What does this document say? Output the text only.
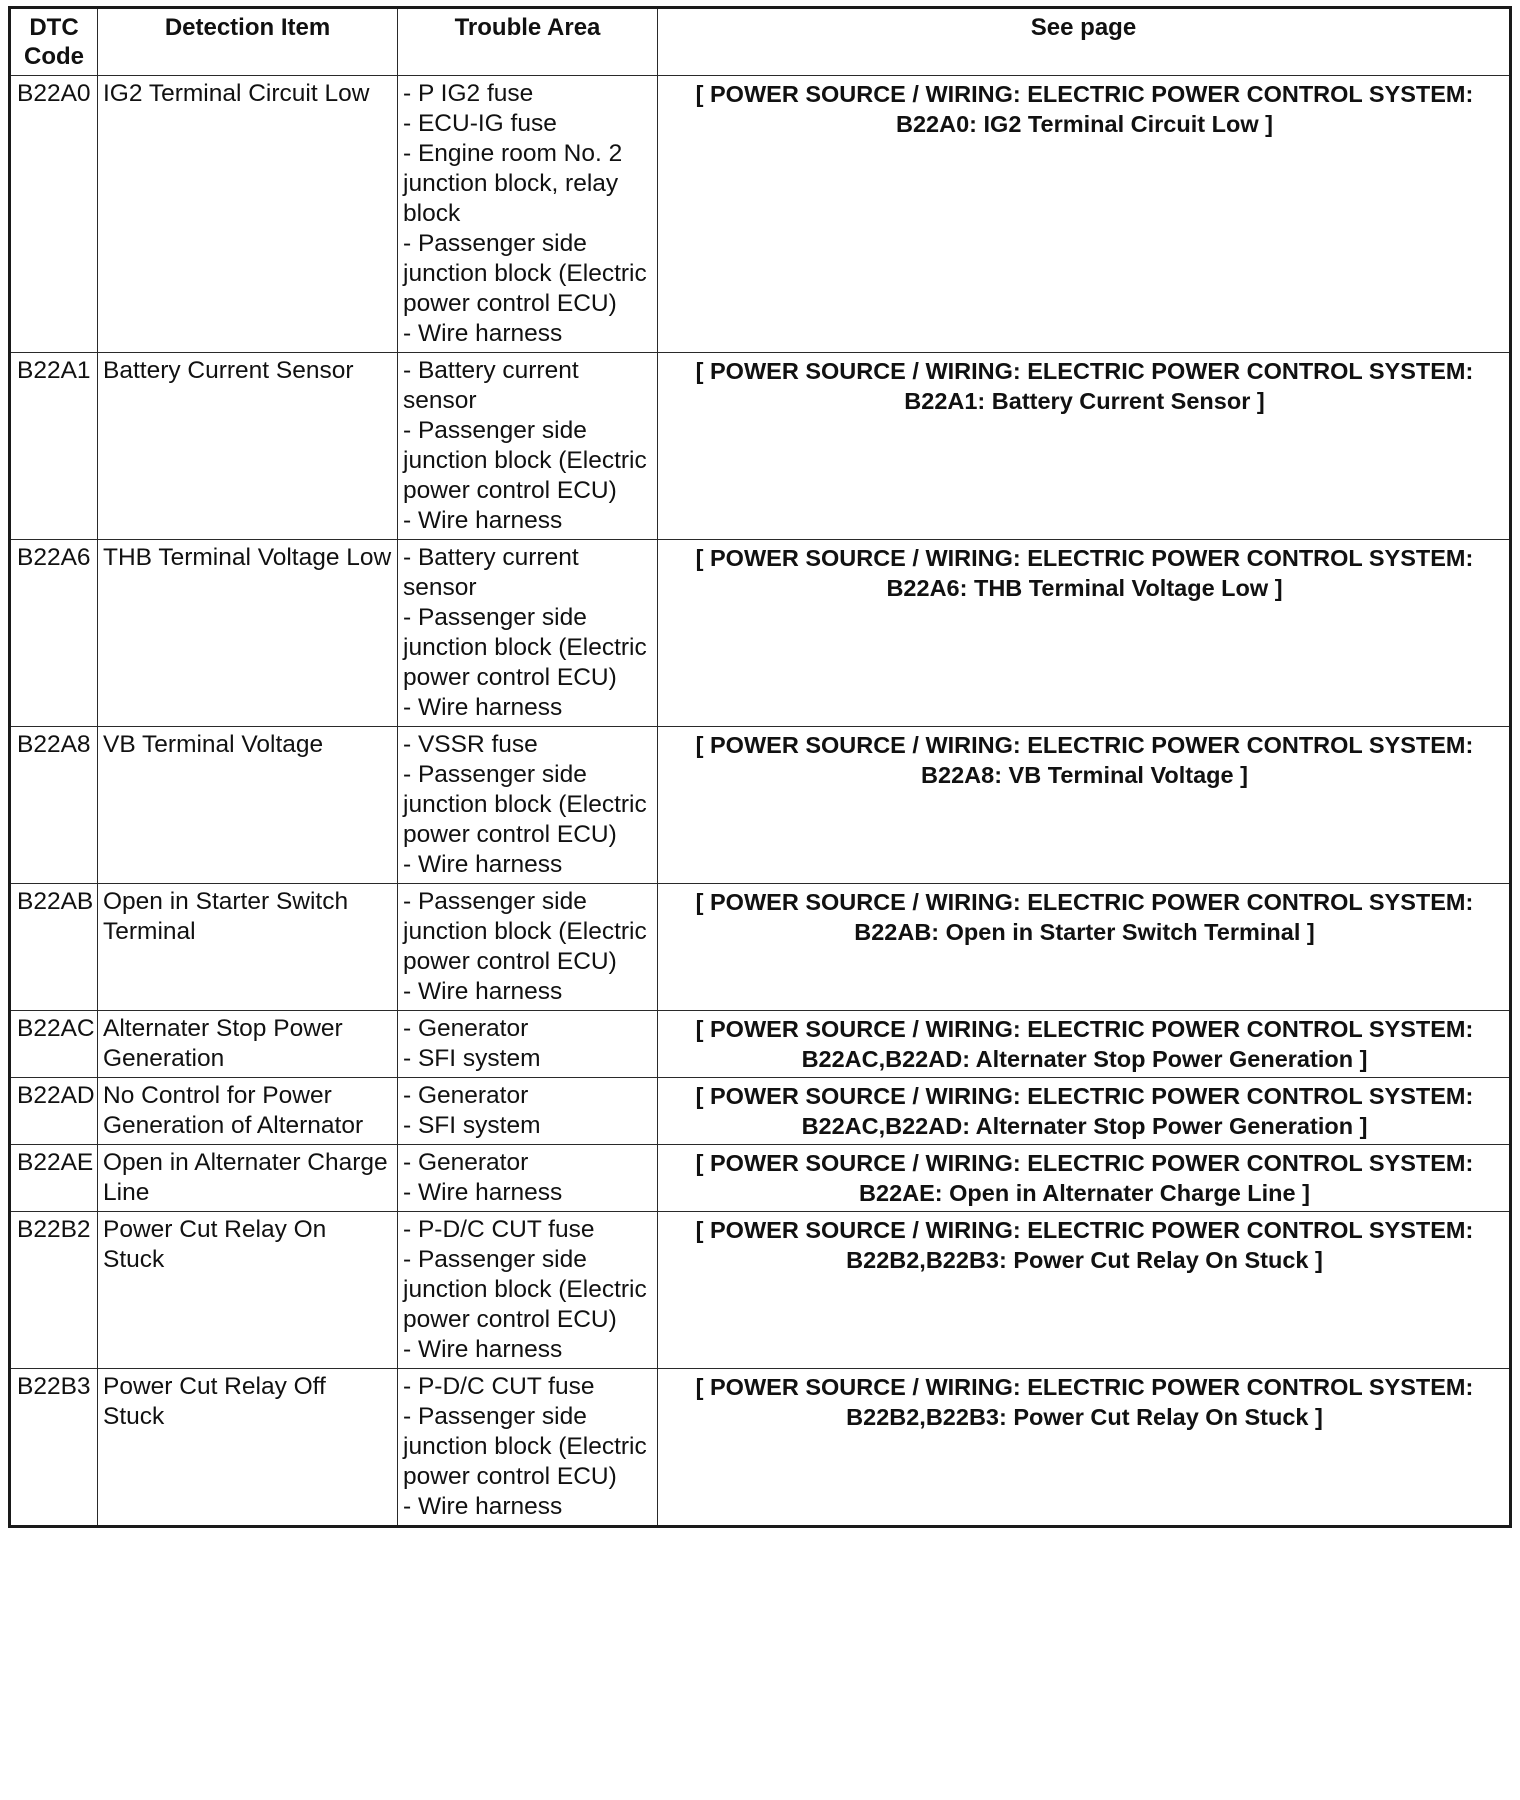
DTC Code	Detection Item	Trouble Area	See page
B22A0	IG2 Terminal Circuit Low	- P IG2 fuse
- ECU-IG fuse
- Engine room No. 2 junction block, relay block
- Passenger side junction block (Electric power control ECU)
- Wire harness	[ POWER SOURCE / WIRING: ELECTRIC POWER CONTROL SYSTEM:
B22A0: IG2 Terminal Circuit Low ]

B22A1	Battery Current Sensor	- Battery current sensor
- Passenger side junction block (Electric power control ECU)
- Wire harness	[ POWER SOURCE / WIRING: ELECTRIC POWER CONTROL SYSTEM:
B22A1: Battery Current Sensor ]

B22A6	THB Terminal Voltage Low	- Battery current sensor
- Passenger side junction block (Electric power control ECU)
- Wire harness	[ POWER SOURCE / WIRING: ELECTRIC POWER CONTROL SYSTEM:
B22A6: THB Terminal Voltage Low ]

B22A8	VB Terminal Voltage	- VSSR fuse
- Passenger side junction block (Electric power control ECU)
- Wire harness	[ POWER SOURCE / WIRING: ELECTRIC POWER CONTROL SYSTEM:
B22A8: VB Terminal Voltage ]

B22AB	Open in Starter Switch Terminal	- Passenger side junction block (Electric power control ECU)
- Wire harness	[ POWER SOURCE / WIRING: ELECTRIC POWER CONTROL SYSTEM:
B22AB: Open in Starter Switch Terminal ]

B22AC	Alternater Stop Power Generation	- Generator
- SFI system	[ POWER SOURCE / WIRING: ELECTRIC POWER CONTROL SYSTEM:
B22AC,B22AD: Alternater Stop Power Generation ]

B22AD	No Control for Power Generation of Alternator	- Generator
- SFI system	[ POWER SOURCE / WIRING: ELECTRIC POWER CONTROL SYSTEM:
B22AC,B22AD: Alternater Stop Power Generation ]

B22AE	Open in Alternater Charge Line	- Generator
- Wire harness	[ POWER SOURCE / WIRING: ELECTRIC POWER CONTROL SYSTEM:
B22AE: Open in Alternater Charge Line ]

B22B2	Power Cut Relay On Stuck	- P-D/C CUT fuse
- Passenger side junction block (Electric power control ECU)
- Wire harness	[ POWER SOURCE / WIRING: ELECTRIC POWER CONTROL SYSTEM:
B22B2,B22B3: Power Cut Relay On Stuck ]

B22B3	Power Cut Relay Off Stuck	- P-D/C CUT fuse
- Passenger side junction block (Electric power control ECU)
- Wire harness	[ POWER SOURCE / WIRING: ELECTRIC POWER CONTROL SYSTEM:
B22B2,B22B3: Power Cut Relay On Stuck ]
